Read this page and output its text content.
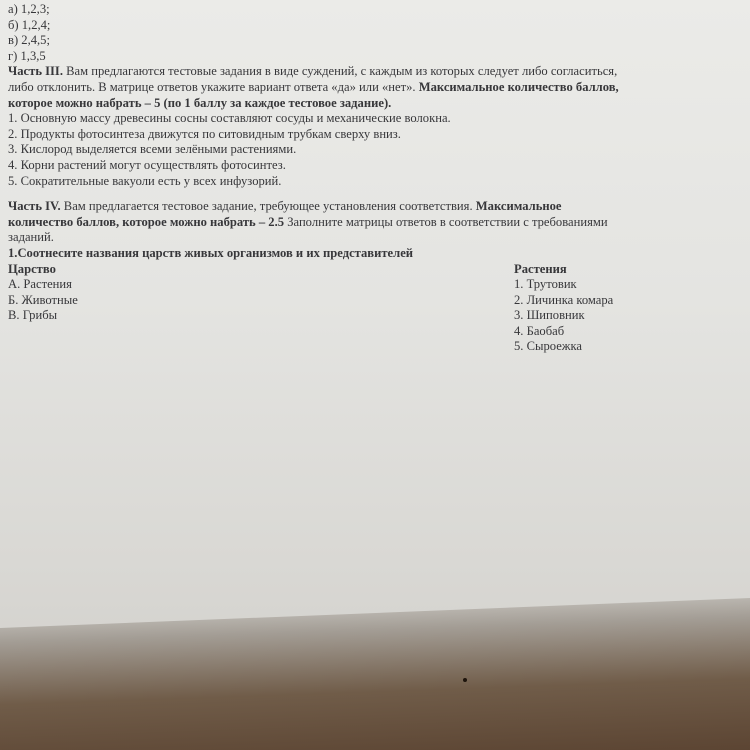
а) 1,2,3;
б) 1,2,4;
в) 2,4,5;
г) 1,3,5
Часть III. Вам предлагаются тестовые задания в виде суждений, с каждым из которых следует либо согласиться,
либо отклонить. В матрице ответов укажите вариант ответа «да» или «нет». Максимальное количество баллов,
которое можно набрать – 5 (по 1 баллу за каждое тестовое задание).
1. Основную массу древесины сосны составляют сосуды и механические волокна.
2. Продукты фотосинтеза движутся по ситовидным трубкам сверху вниз.
3. Кислород выделяется всеми зелёными растениями.
4. Корни растений могут осуществлять фотосинтез.
5. Сократительные вакуоли есть у всех инфузорий.
Часть IV. Вам предлагается тестовое задание, требующее установления соответствия. Максимальное
количество баллов, которое можно набрать – 2.5 Заполните матрицы ответов в соответствии с требованиями
заданий.
1.Соотнесите названия царств живых организмов и их представителей
Царство
А. Растения
Б. Животные
В. Грибы
Растения
1. Трутовик
2. Личинка комара
3. Шиповник
4. Баобаб
5. Сыроежка
